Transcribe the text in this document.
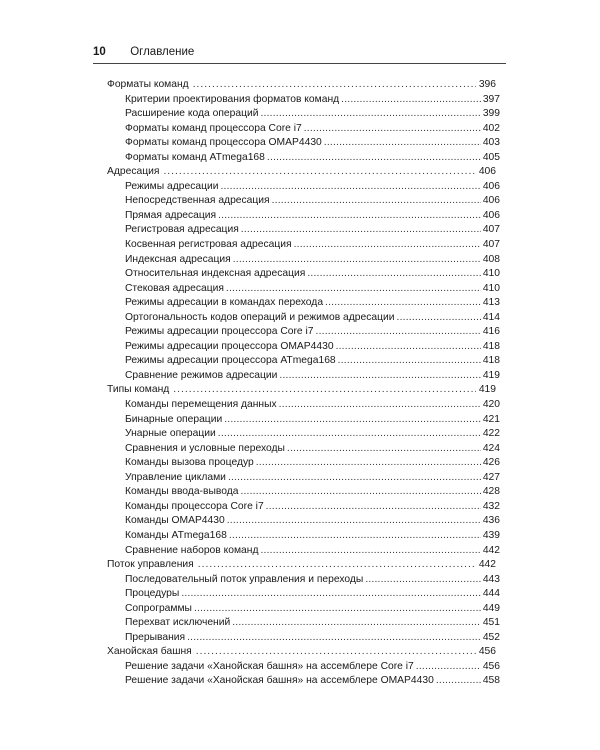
10 Оглавление
Форматы команд .....	396
Критерии проектирования форматов команд .....	397
Расширение кода операций .....	399
Форматы команд процессора Core i7 .....	402
Форматы команд процессора OMAP4430 .....	403
Форматы команд ATmega168 .....	405
Адресация .....	406
Режимы адресации .....	406
Непосредственная адресация .....	406
Прямая адресация .....	406
Регистровая адресация .....	407
Косвенная регистровая адресация .....	407
Индексная адресация .....	408
Относительная индексная адресация .....	410
Стековая адресация .....	410
Режимы адресации в командах перехода .....	413
Ортогональность кодов операций и режимов адресации .....	414
Режимы адресации процессора Core i7 .....	416
Режимы адресации процессора OMAP4430 .....	418
Режимы адресации процессора ATmega168 .....	418
Сравнение режимов адресации .....	419
Типы команд .....	419
Команды перемещения данных .....	420
Бинарные операции .....	421
Унарные операции .....	422
Сравнения и условные переходы .....	424
Команды вызова процедур .....	426
Управление циклами .....	427
Команды ввода-вывода .....	428
Команды процессора Core i7 .....	432
Команды OMAP4430 .....	436
Команды ATmega168 .....	439
Сравнение наборов команд .....	442
Поток управления .....	442
Последовательный поток управления и переходы .....	443
Процедуры .....	444
Сопрограммы .....	449
Перехват исключений .....	451
Прерывания .....	452
Ханойская башня .....	456
Решение задачи «Ханойская башня» на ассемблере Core i7 .....	456
Решение задачи «Ханойская башня» на ассемблере OMAP4430 .....	458
